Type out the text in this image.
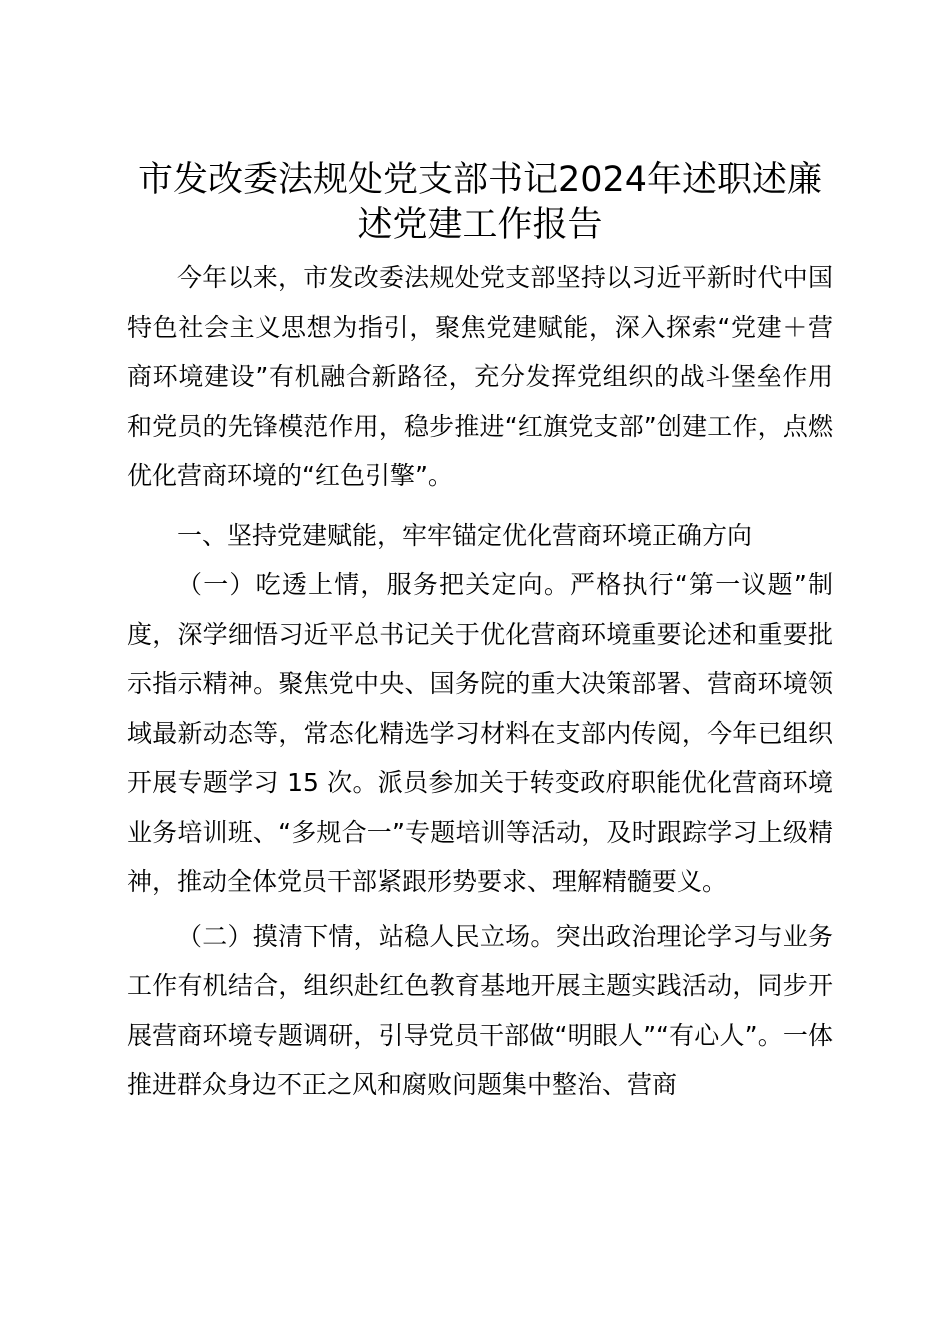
市发改委法规处党支部书记2024年述职述廉述党建工作报告

今年以来，市发改委法规处党支部坚持以习近平新时代中国特色社会主义思想为指引，聚焦党建赋能，深入探索“党建＋营商环境建设”有机融合新路径，充分发挥党组织的战斗堡垒作用和党员的先锋模范作用，稳步推进“红旗党支部”创建工作，点燃优化营商环境的“红色引擎”。

一、坚持党建赋能，牢牢锚定优化营商环境正确方向

（一）吃透上情，服务把关定向。严格执行“第一议题”制度，深学细悟习近平总书记关于优化营商环境重要论述和重要批示指示精神。聚焦党中央、国务院的重大决策部署、营商环境领域最新动态等，常态化精选学习材料在支部内传阅，今年已组织开展专题学习 15 次。派员参加关于转变政府职能优化营商环境业务培训班、“多规合一”专题培训等活动，及时跟踪学习上级精神，推动全体党员干部紧跟形势要求、理解精髓要义。

（二）摸清下情，站稳人民立场。突出政治理论学习与业务工作有机结合，组织赴红色教育基地开展主题实践活动，同步开展营商环境专题调研，引导党员干部做“明眼人”“有心人”。一体推进群众身边不正之风和腐败问题集中整治、营商
